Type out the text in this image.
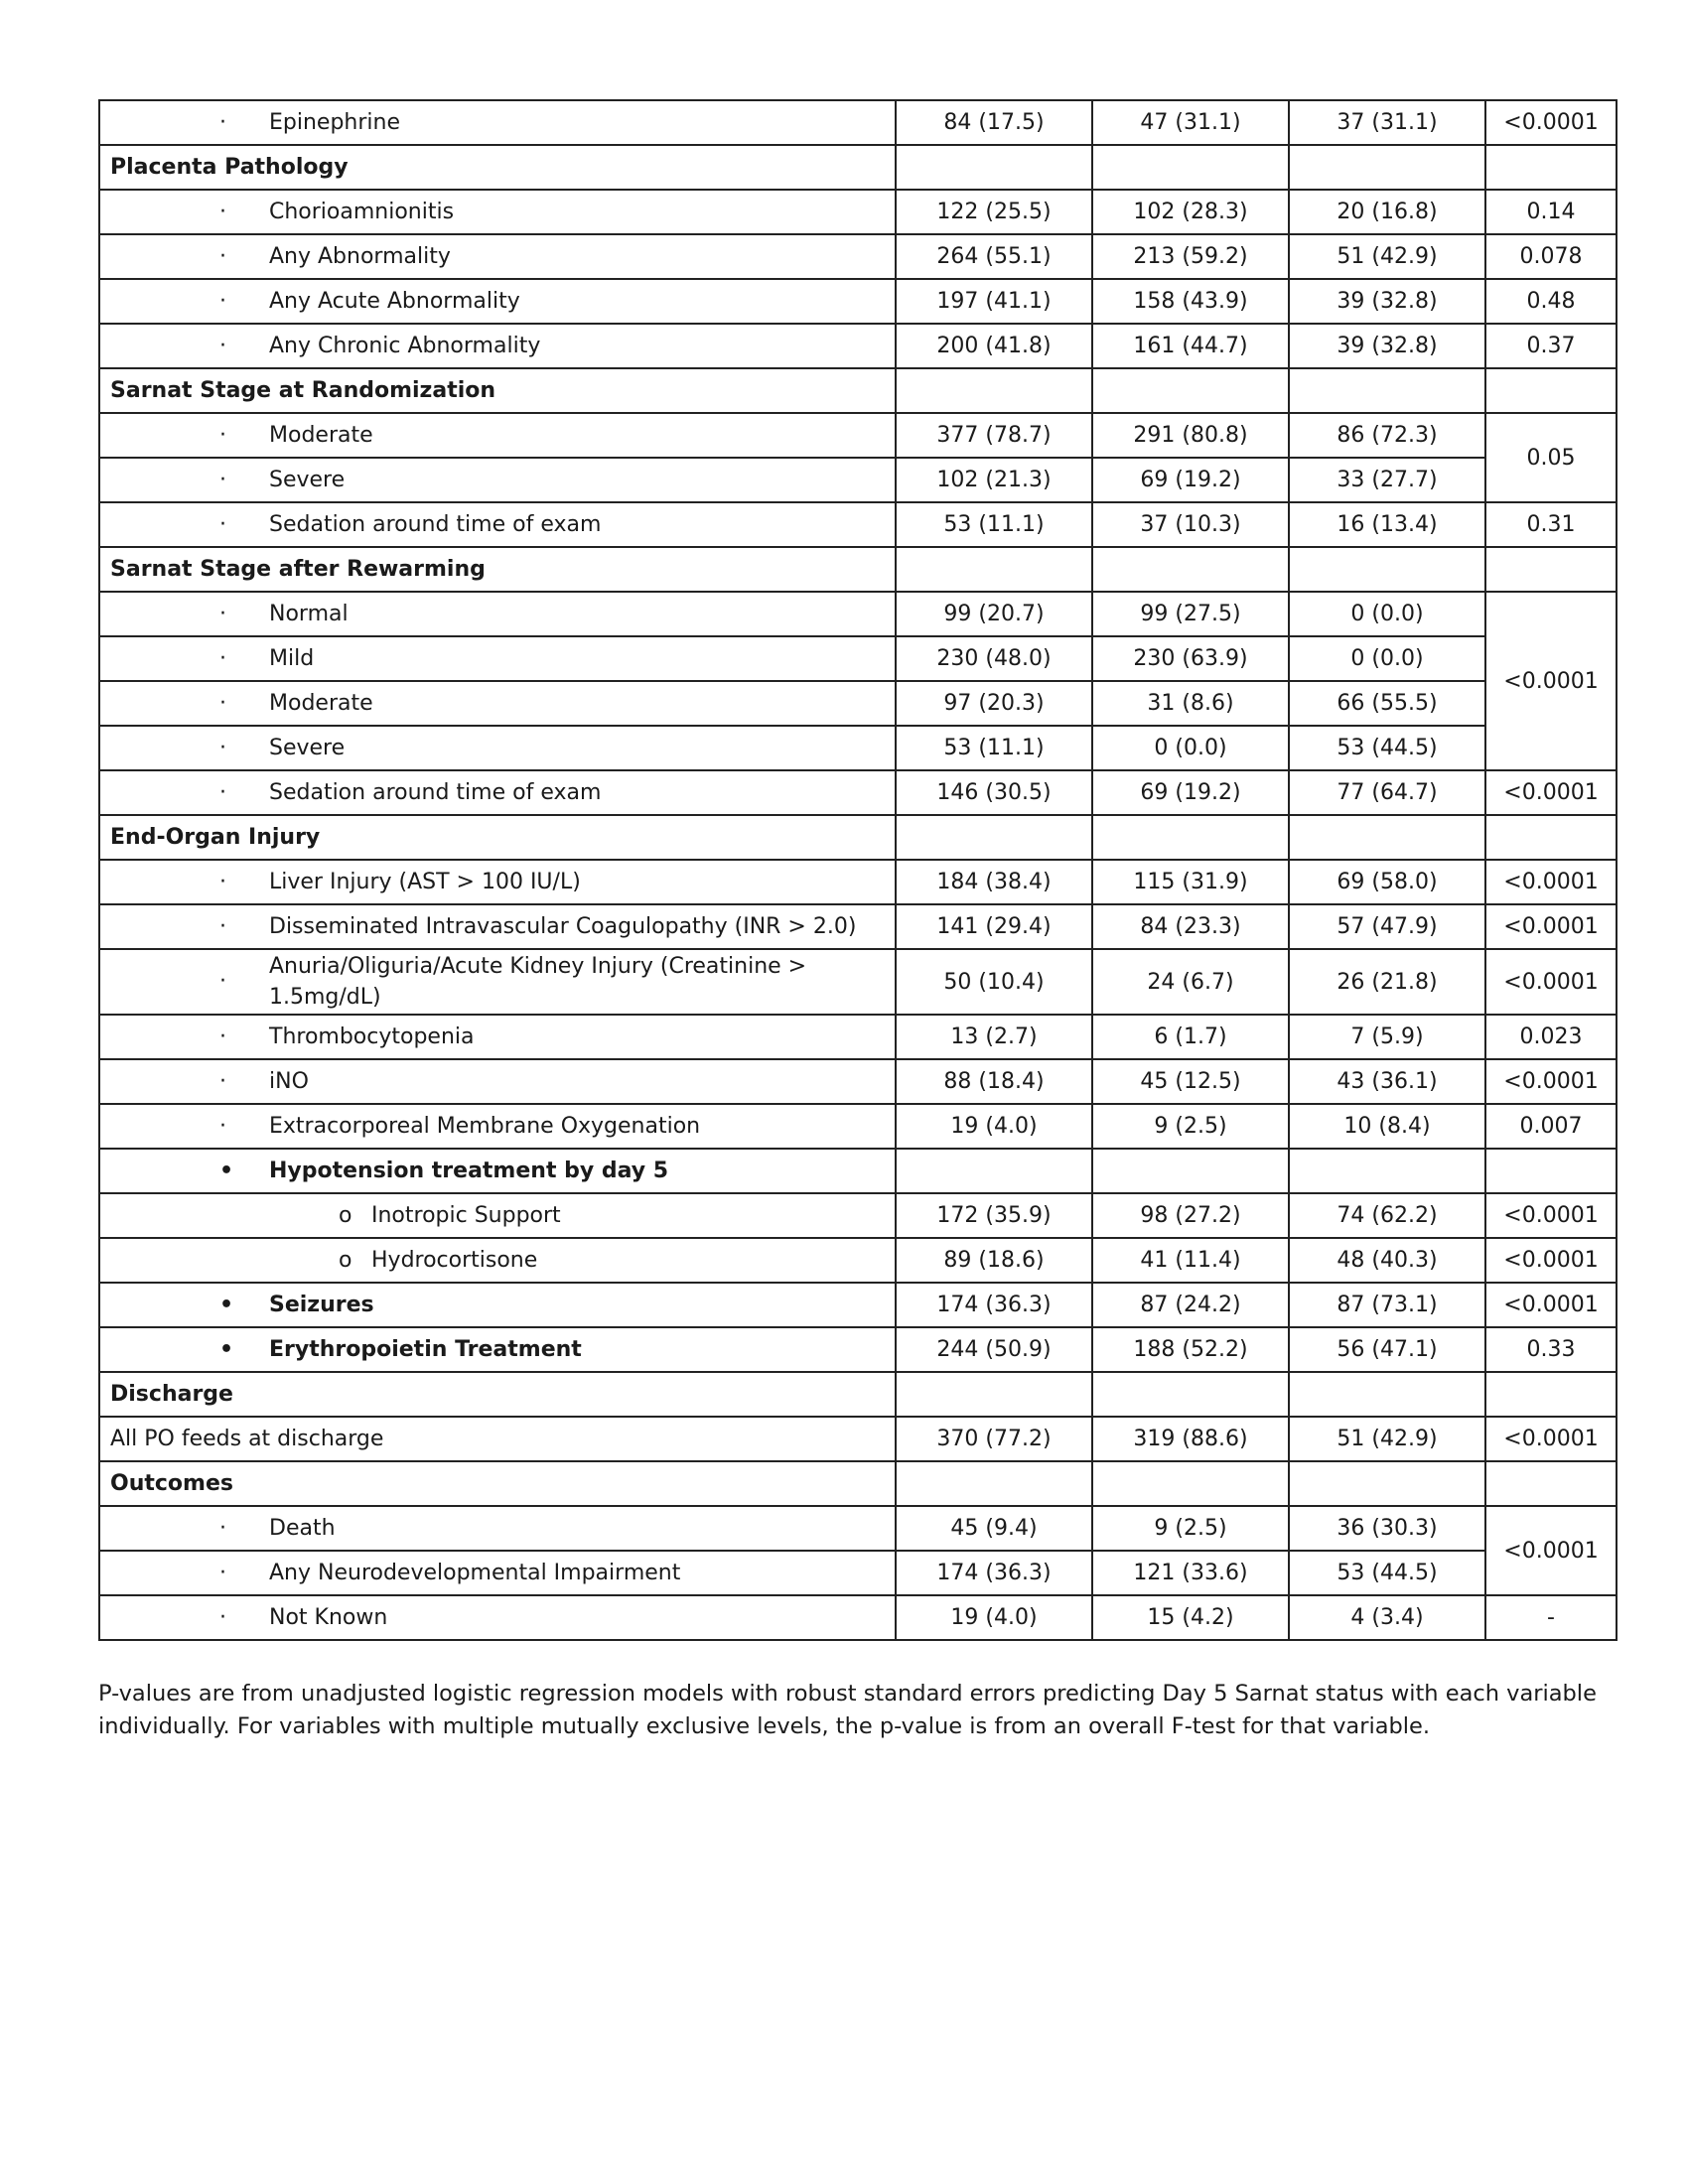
· Epinephrine	84 (17.5)	47 (31.1)	37 (31.1)	<0.0001
Placenta Pathology				
· Chorioamnionitis	122 (25.5)	102 (28.3)	20 (16.8)	0.14
· Any Abnormality	264 (55.1)	213 (59.2)	51 (42.9)	0.078
· Any Acute Abnormality	197 (41.1)	158 (43.9)	39 (32.8)	0.48
· Any Chronic Abnormality	200 (41.8)	161 (44.7)	39 (32.8)	0.37
Sarnat Stage at Randomization				
· Moderate	377 (78.7)	291 (80.8)	86 (72.3)	0.05
· Severe	102 (21.3)	69 (19.2)	33 (27.7)	
· Sedation around time of exam	53 (11.1)	37 (10.3)	16 (13.4)	0.31
Sarnat Stage after Rewarming				
· Normal	99 (20.7)	99 (27.5)	0 (0.0)	<0.0001
· Mild	230 (48.0)	230 (63.9)	0 (0.0)	
· Moderate	97 (20.3)	31 (8.6)	66 (55.5)	
· Severe	53 (11.1)	0 (0.0)	53 (44.5)	
· Sedation around time of exam	146 (30.5)	69 (19.2)	77 (64.7)	<0.0001
End-Organ Injury				
· Liver Injury (AST > 100 IU/L)	184 (38.4)	115 (31.9)	69 (58.0)	<0.0001
· Disseminated Intravascular Coagulopathy (INR > 2.0)	141 (29.4)	84 (23.3)	57 (47.9)	<0.0001
·Anuria/Oliguria/Acute Kidney Injury (Creatinine > 1.5mg/dL)	50 (10.4)	24 (6.7)	26 (21.8)	<0.0001
· Thrombocytopenia	13 (2.7)	6 (1.7)	7 (5.9)	0.023
· iNO	88 (18.4)	45 (12.5)	43 (36.1)	<0.0001
· Extracorporeal Membrane Oxygenation	19 (4.0)	9 (2.5)	10 (8.4)	0.007
• Hypotension treatment by day 5				
o Inotropic Support	172 (35.9)	98 (27.2)	74 (62.2)	<0.0001
o Hydrocortisone	89 (18.6)	41 (11.4)	48 (40.3)	<0.0001
• Seizures	174 (36.3)	87 (24.2)	87 (73.1)	<0.0001
• Erythropoietin Treatment	244 (50.9)	188 (52.2)	56 (47.1)	0.33
Discharge				
All PO feeds at discharge	370 (77.2)	319 (88.6)	51 (42.9)	<0.0001
Outcomes				
· Death	45 (9.4)	9 (2.5)	36 (30.3)	<0.0001
· Any Neurodevelopmental Impairment	174 (36.3)	121 (33.6)	53 (44.5)	
· Not Known	19 (4.0)	15 (4.2)	4 (3.4)	-

P-values are from unadjusted logistic regression models with robust standard errors predicting Day 5 Sarnat status with each variable individually. For variables with multiple mutually exclusive levels, the p-value is from an overall F-test for that variable.
